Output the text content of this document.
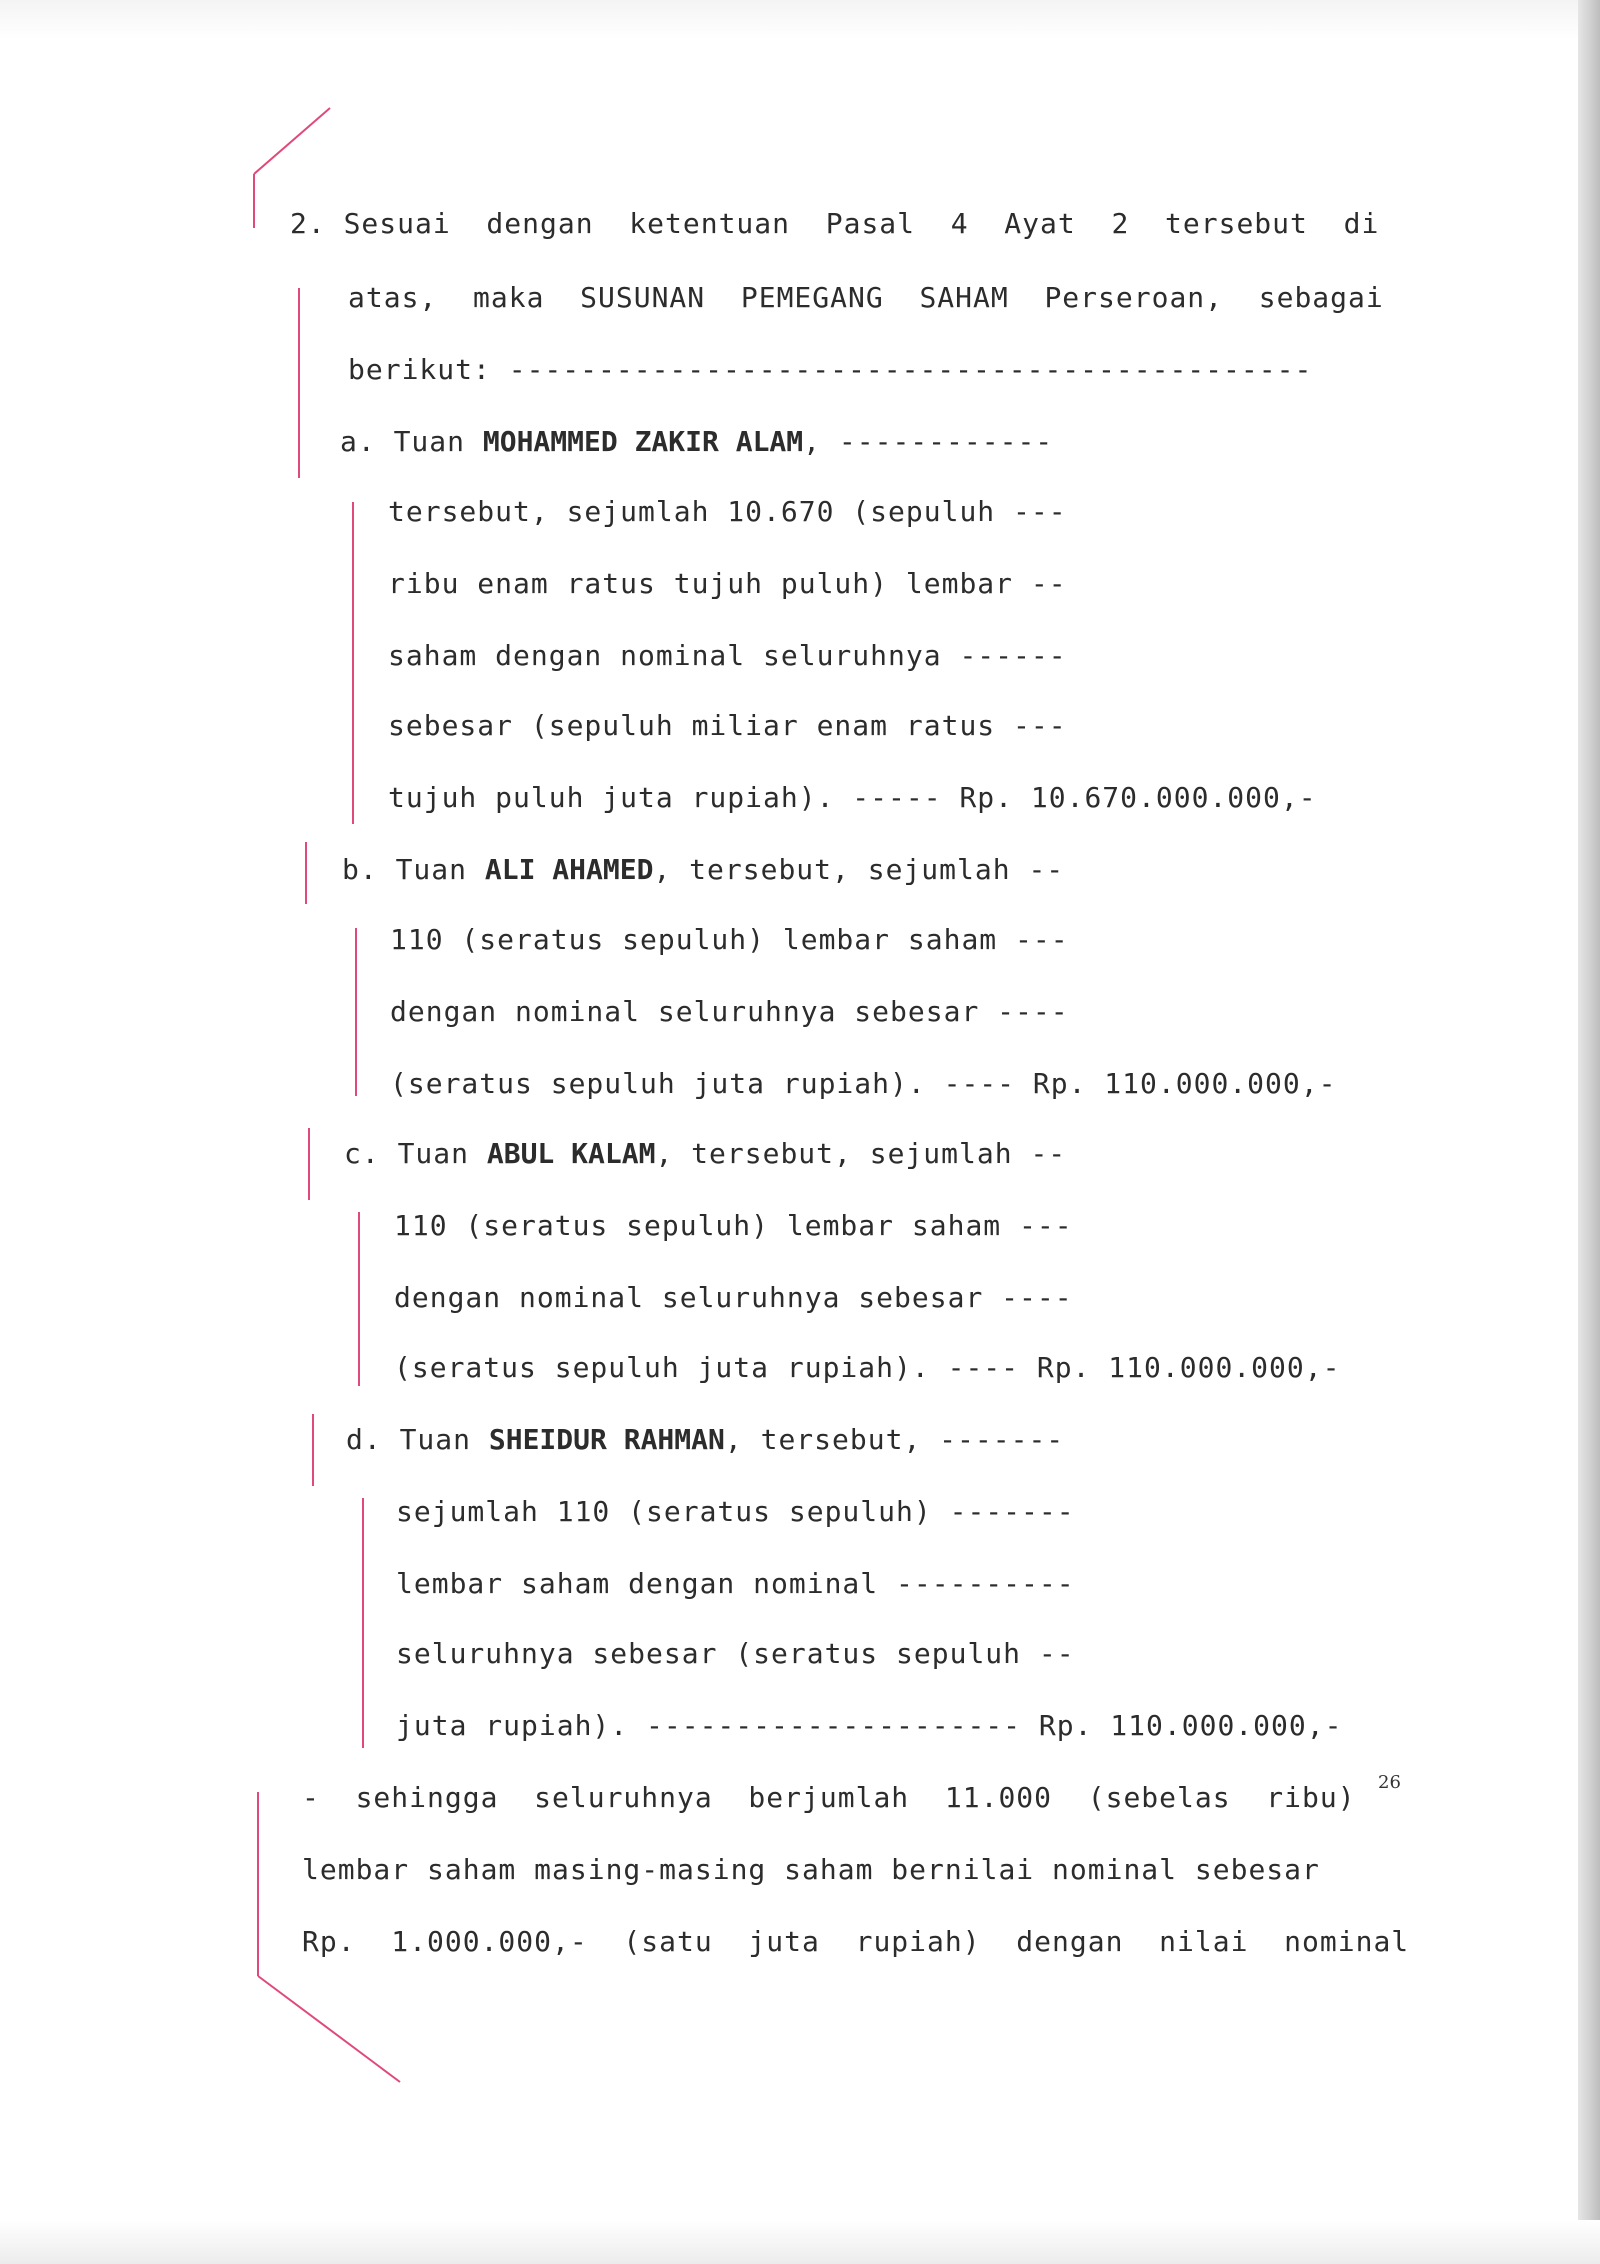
2. Sesuai  dengan  ketentuan  Pasal  4  Ayat  2  tersebut  di
atas,  maka  SUSUNAN  PEMEGANG  SAHAM  Perseroan,  sebagai
berikut: ---------------------------------------------
a. Tuan MOHAMMED ZAKIR ALAM, ------------
tersebut, sejumlah 10.670 (sepuluh ---
ribu enam ratus tujuh puluh) lembar --
saham dengan nominal seluruhnya ------
sebesar (sepuluh miliar enam ratus ---
tujuh puluh juta rupiah). ----- Rp. 10.670.000.000,-
b. Tuan ALI AHAMED, tersebut, sejumlah --
110 (seratus sepuluh) lembar saham ---
dengan nominal seluruhnya sebesar ----
(seratus sepuluh juta rupiah). ---- Rp. 110.000.000,-
c. Tuan ABUL KALAM, tersebut, sejumlah --
110 (seratus sepuluh) lembar saham ---
dengan nominal seluruhnya sebesar ----
(seratus sepuluh juta rupiah). ---- Rp. 110.000.000,-
d. Tuan SHEIDUR RAHMAN, tersebut, -------
sejumlah 110 (seratus sepuluh) -------
lembar saham dengan nominal ----------
seluruhnya sebesar (seratus sepuluh --
juta rupiah). --------------------- Rp. 110.000.000,-
-  sehingga  seluruhnya  berjumlah  11.000  (sebelas  ribu)
lembar saham masing-masing saham bernilai nominal sebesar
Rp.  1.000.000,-  (satu  juta  rupiah)  dengan  nilai  nominal
26
